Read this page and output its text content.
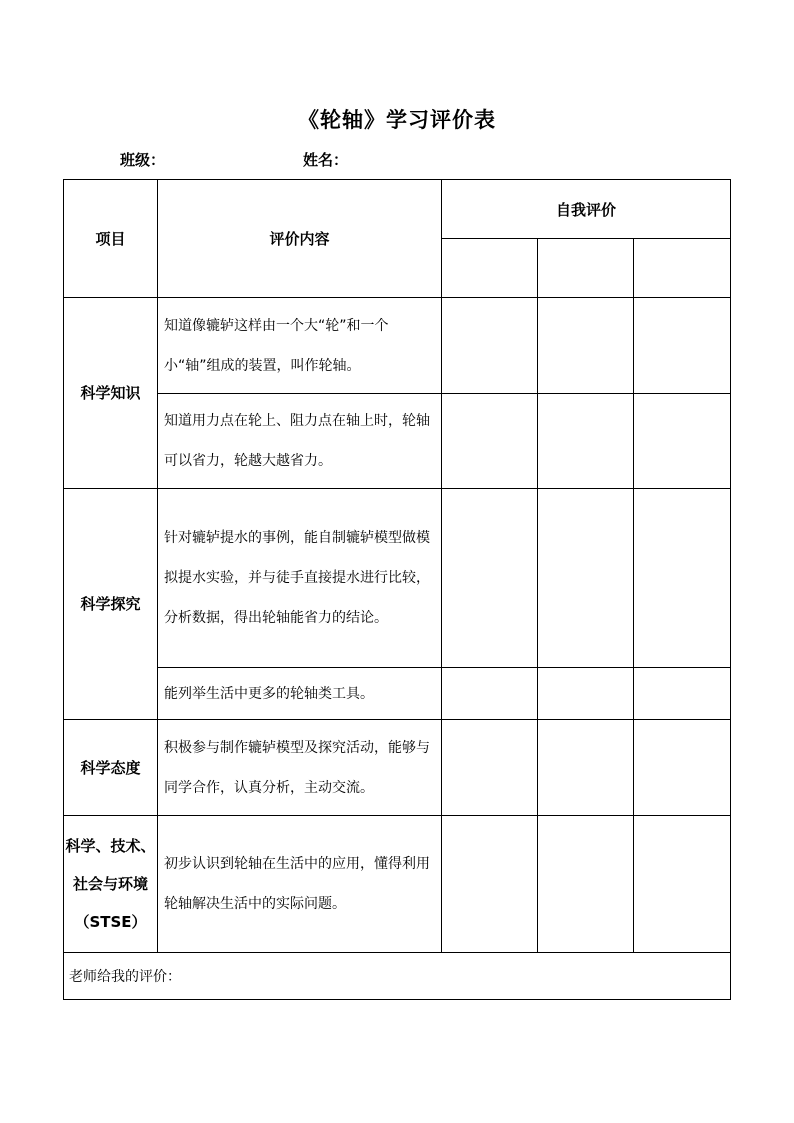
《轮轴》学习评价表
班级：	姓名：
项目	评价内容	自我评价		

科学知识	知道像辘轳这样由一个大“轮”和一个小“轴”组成的装置，叫作轮轴。			
	知道用力点在轮上、阻力点在轴上时，轮轴可以省力，轮越大越省力。			
科学探究	针对辘轳提水的事例，能自制辘轳模型做模拟提水实验，并与徒手直接提水进行比较，分析数据，得出轮轴能省力的结论。			
	能列举生活中更多的轮轴类工具。			
科学态度	积极参与制作辘轳模型及探究活动，能够与同学合作，认真分析，主动交流。			

科学、技术、
社会与环境
（STSE）	初步认识到轮轴在生活中的应用，懂得利用轮轴解决生活中的实际问题。			
老师给我的评价：				
